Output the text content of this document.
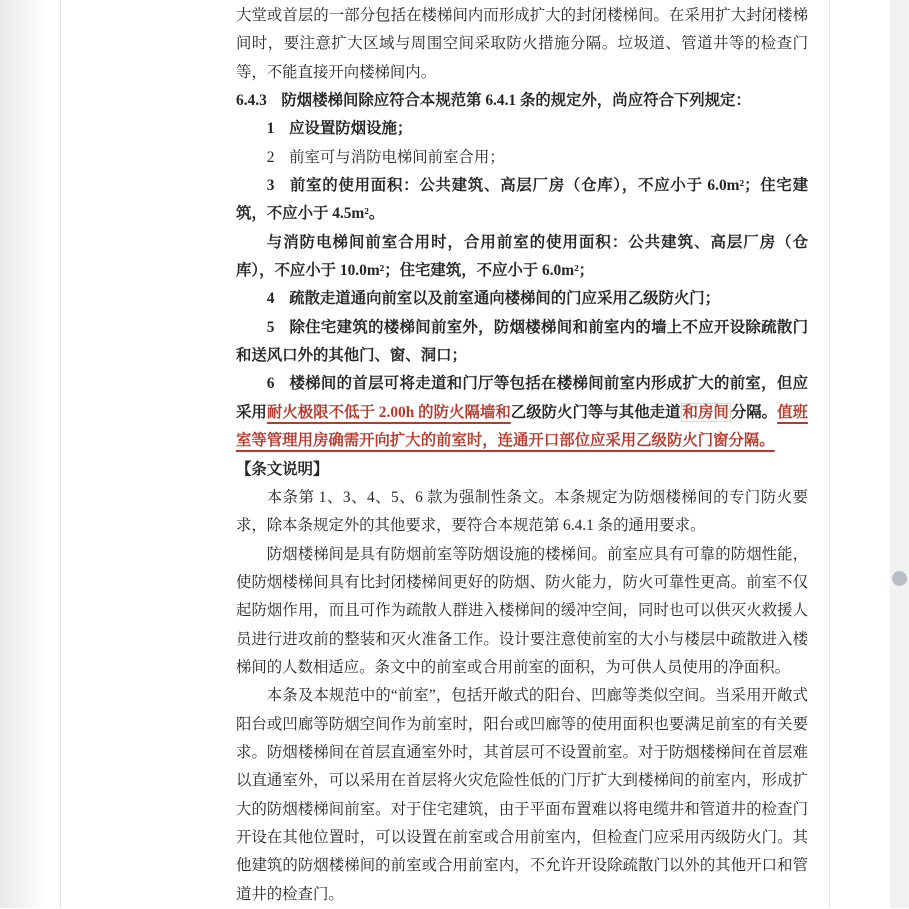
大堂或首层的一部分包括在楼梯间内而形成扩大的封闭楼梯间。在采用扩大封闭楼梯间时，要注意扩大区域与周围空间采取防火措施分隔。垃圾道、管道井等的检查门等，不能直接开向楼梯间内。

6.4.3 防烟楼梯间除应符合本规范第 6.4.1 条的规定外，尚应符合下列规定：

1 应设置防烟设施；

2 前室可与消防电梯间前室合用；

3 前室的使用面积：公共建筑、高层厂房（仓库），不应小于 6.0m²；住宅建筑，不应小于 4.5m²。

与消防电梯间前室合用时，合用前室的使用面积：公共建筑、高层厂房（仓库），不应小于 10.0m²；住宅建筑，不应小于 6.0m²；

4 疏散走道通向前室以及前室通向楼梯间的门应采用乙级防火门；

5 除住宅建筑的楼梯间前室外，防烟楼梯间和前室内的墙上不应开设除疏散门和送风口外的其他门、窗、洞口；

6 楼梯间的首层可将走道和门厅等包括在楼梯间前室内形成扩大的前室，但应采用耐火极限不低于 2.00h 的防火隔墙和乙级防火门等与其他走道 和房间 分隔。值班室等管理用房确需开向扩大的前室时，连通开口部位应采用乙级防火门窗分隔。

【条文说明】

本条第 1、3、4、5、6 款为强制性条文。本条规定为防烟楼梯间的专门防火要求，除本条规定外的其他要求，要符合本规范第 6.4.1 条的通用要求。

防烟楼梯间是具有防烟前室等防烟设施的楼梯间。前室应具有可靠的防烟性能，使防烟楼梯间具有比封闭楼梯间更好的防烟、防火能力，防火可靠性更高。前室不仅起防烟作用，而且可作为疏散人群进入楼梯间的缓冲空间，同时也可以供灭火救援人员进行进攻前的整装和灭火准备工作。设计要注意使前室的大小与楼层中疏散进入楼梯间的人数相适应。条文中的前室或合用前室的面积，为可供人员使用的净面积。

本条及本规范中的“前室”，包括开敞式的阳台、凹廊等类似空间。当采用开敞式阳台或凹廊等防烟空间作为前室时，阳台或凹廊等的使用面积也要满足前室的有关要求。防烟楼梯间在首层直通室外时，其首层可不设置前室。对于防烟楼梯间在首层难以直通室外，可以采用在首层将火灾危险性低的门厅扩大到楼梯间的前室内，形成扩大的防烟楼梯间前室。对于住宅建筑，由于平面布置难以将电缆井和管道井的检查门开设在其他位置时，可以设置在前室或合用前室内，但检查门应采用丙级防火门。其他建筑的防烟楼梯间的前室或合用前室内，不允许开设除疏散门以外的其他开口和管道井的检查门。
